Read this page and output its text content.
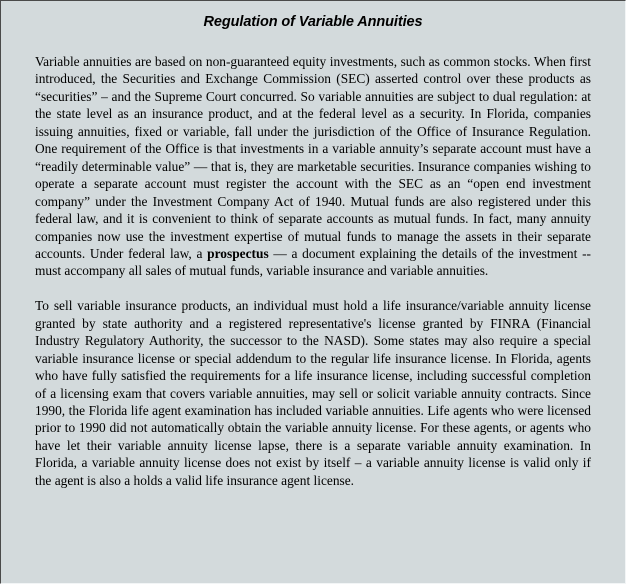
Regulation of Variable Annuities

Variable annuities are based on non-guaranteed equity investments, such as common stocks. When first introduced, the Securities and Exchange Commission (SEC) asserted control over these products as “securities” – and the Supreme Court concurred. So variable annuities are subject to dual regulation: at the state level as an insurance product, and at the federal level as a security. In Florida, companies issuing annuities, fixed or variable, fall under the jurisdiction of the Office of Insurance Regulation. One requirement of the Office is that investments in a variable annuity’s separate account must have a “readily determinable value” — that is, they are marketable securities. Insurance companies wishing to operate a separate account must register the account with the SEC as an “open end investment company” under the Investment Company Act of 1940. Mutual funds are also registered under this federal law, and it is convenient to think of separate accounts as mutual funds. In fact, many annuity companies now use the investment expertise of mutual funds to manage the assets in their separate accounts. Under federal law, a prospectus — a document explaining the details of the investment -- must accompany all sales of mutual funds, variable insurance and variable annuities.

To sell variable insurance products, an individual must hold a life insurance/variable annuity license granted by state authority and a registered representative's license granted by FINRA (Financial Industry Regulatory Authority, the successor to the NASD). Some states may also require a special variable insurance license or special addendum to the regular life insurance license. In Florida, agents who have fully satisfied the requirements for a life insurance license, including successful completion of a licensing exam that covers variable annuities, may sell or solicit variable annuity contracts. Since 1990, the Florida life agent examination has included variable annuities. Life agents who were licensed prior to 1990 did not automatically obtain the variable annuity license. For these agents, or agents who have let their variable annuity license lapse, there is a separate variable annuity examination. In Florida, a variable annuity license does not exist by itself – a variable annuity license is valid only if the agent is also a holds a valid life insurance agent license.
